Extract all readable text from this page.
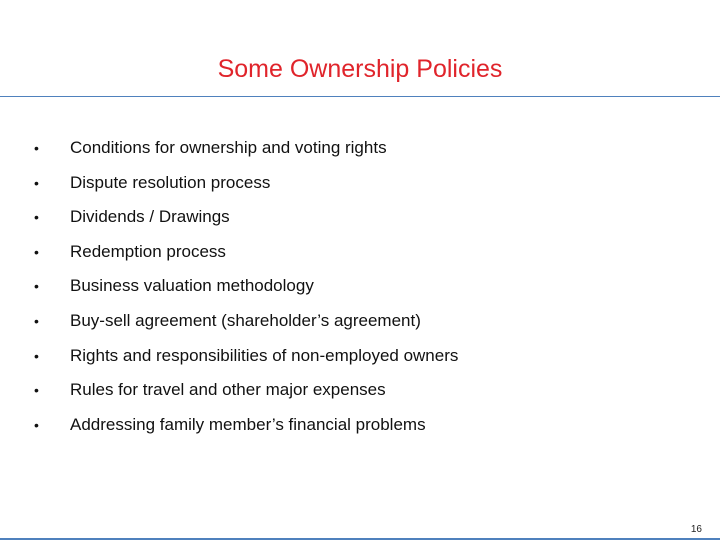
Some Ownership Policies
• Conditions for ownership and voting rights
• Dispute resolution process
• Dividends / Drawings
• Redemption process
• Business valuation methodology
• Buy-sell agreement (shareholder’s agreement)
• Rights and responsibilities of non-employed owners
• Rules for travel and other major expenses
• Addressing family member’s financial problems
16
